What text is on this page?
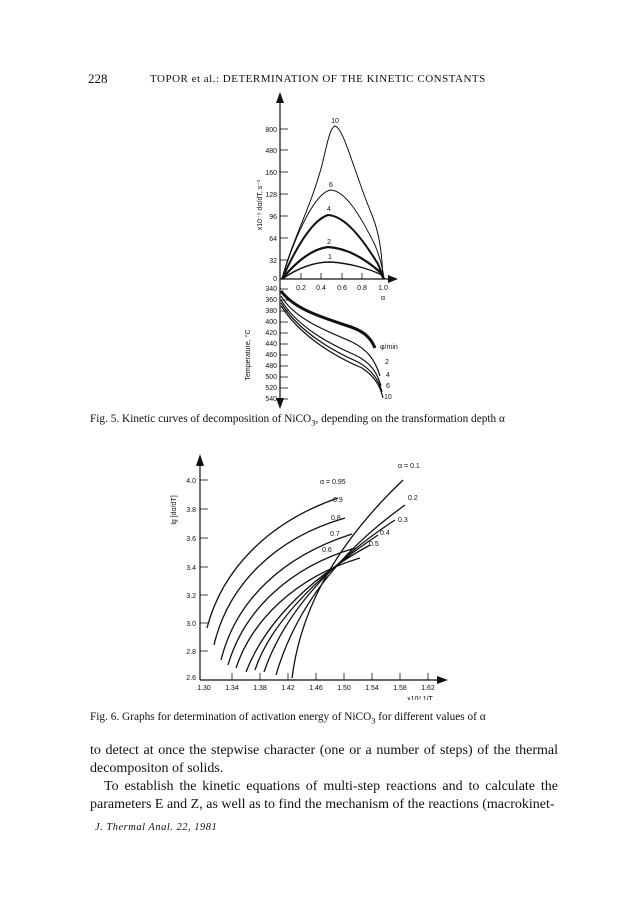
228	TOPOR et al.: DETERMINATION OF THE KINETIC CONSTANTS
800
480
160
128
96
64
32
0
x10⁻⁵ dα/dT, s⁻¹
0.2 0.4 0.6 0.8 1.0
α
340
360
380
400
420
440
460
480
500
520
540
Temperature, °C
10
6
4
2
1
φ/min
2
4
6
10
Fig. 5. Kinetic curves of decomposition of NiCO$_3$, depending on the transformation depth α
4.0
3.8
3.6
3.4
3.2
3.0
2.8
2.6
lg [dα/dT]
1.30 1.34 1.38 1.42 1.46 1.50 1.54 1.58 1.62
x10³ 1/T
α = 0.1
0.2
0.3
0.4
0.5
α = 0.95
0.9
0.8
0.7
0.6
Fig. 6. Graphs for determination of activation energy of NiCO$_3$ for different values of α

to detect at once the stepwise character (one or a number of steps) of the thermal decompositon of solids.

To establish the kinetic equations of multi-step reactions and to calculate the parameters E and Z, as well as to find the mechanism of the reactions (macrokinet-

J. Thermal Anal. 22, 1981
